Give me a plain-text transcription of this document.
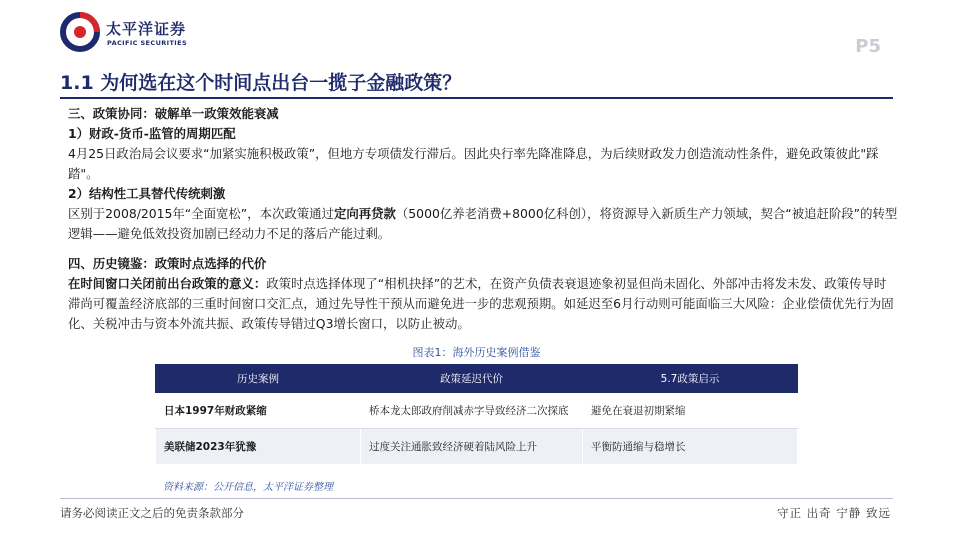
太平洋证券
PACIFIC SECURITIES	P5
1.1 为何选在这个时间点出台一揽子金融政策？
三、政策协同：破解单一政策效能衰减
1）财政-货币-监管的周期匹配
4月25日政治局会议要求“加紧实施积极政策”，但地方专项债发行滞后。因此央行率先降准降息，为后续财政发力创造流动性条件，避免政策彼此"踩踏"。
2）结构性工具替代传统刺激
区别于2008/2015年“全面宽松”，本次政策通过定向再贷款（5000亿养老消费+8000亿科创），将资源导入新质生产力领域，契合“被追赶阶段”的转型逻辑——避免低效投资加剧已经动力不足的落后产能过剩。
四、历史镜鉴：政策时点选择的代价
在时间窗口关闭前出台政策的意义：政策时点选择体现了“相机抉择”的艺术，在资产负债表衰退迹象初显但尚未固化、外部冲击将发未发、政策传导时滞尚可覆盖经济底部的三重时间窗口交汇点，通过先导性干预从而避免进一步的悲观预期。如延迟至6月行动则可能面临三大风险：企业偿债优先行为固化、关税冲击与资本外流共振、政策传导错过Q3增长窗口，以防止被动。
图表1：海外历史案例借鉴
历史案例	政策延迟代价	5.7政策启示
日本1997年财政紧缩	桥本龙太郎政府削减赤字导致经济二次探底	避免在衰退初期紧缩
美联储2023年犹豫	过度关注通胀致经济硬着陆风险上升	平衡防通缩与稳增长
资料来源：公开信息，太平洋证券整理
请务必阅读正文之后的免责条款部分	守正 出奇 宁静 致远
